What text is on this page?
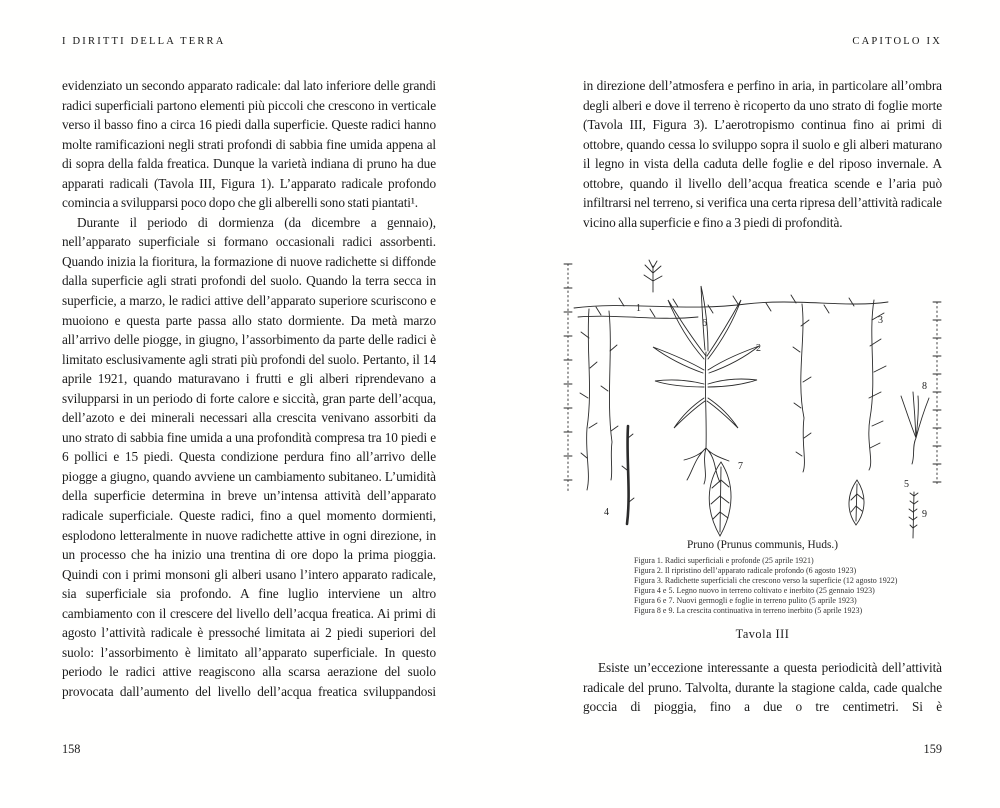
I DIRITTI DELLA TERRA	CAPITOLO IX

evidenziato un secondo apparato radicale: dal lato inferiore delle grandi radici superficiali partono elementi più piccoli che crescono in verticale verso il basso fino a circa 16 piedi dalla superficie. Queste radici hanno molte ramificazioni negli strati profondi di sabbia fine umida appena al di sopra della falda freatica. Dunque la varietà indiana di pruno ha due apparati radicali (Tavola III, Figura 1). L’apparato radicale profondo comincia a svilupparsi poco dopo che gli alberelli sono stati piantati¹.

Durante il periodo di dormienza (da dicembre a gennaio), nell’apparato superficiale si formano occasionali radici assorbenti. Quando inizia la fioritura, la formazione di nuove radichette si diffonde dalla superficie agli strati profondi del suolo. Quando la terra secca in superficie, a marzo, le radici attive dell’apparato superiore scuriscono e muoiono e questa parte passa allo stato dormiente. Da metà marzo all’arrivo delle piogge, in giugno, l’assorbimento da parte delle radici è limitato esclusivamente agli strati più profondi del suolo. Pertanto, il 14 aprile 1921, quando maturavano i frutti e gli alberi riprendevano a svilupparsi in un periodo di forte calore e siccità, gran parte dell’acqua, dell’azoto e dei minerali necessari alla crescita venivano assorbiti da uno strato di sabbia fine umida a una profondità compresa tra 10 piedi e 6 pollici e 15 piedi. Questa condizione perdura fino all’arrivo delle piogge a giugno, quando avviene un cambiamento subitaneo. L’umidità della superficie determina in breve un’intensa attività dell’apparato radicale superficiale. Queste radici, fino a quel momento dormienti, esplodono letteralmente in nuove radichette attive in ogni direzione, in un processo che ha inizio una trentina di ore dopo la prima pioggia. Quindi con i primi monsoni gli alberi usano l’intero apparato radicale, sia superficiale sia profondo. A fine luglio interviene un altro cambiamento con il crescere del livello dell’acqua freatica. Ai primi di agosto l’attività radicale è pressoché limitata ai 2 piedi superiori del suolo: l’assorbimento è limitato all’apparato superficiale. In questo periodo le radici attive reagiscono alla scarsa aerazione del suolo provocata dall’aumento del livello dell’acqua freatica sviluppandosi

in direzione dell’atmosfera e perfino in aria, in particolare all’ombra degli alberi e dove il terreno è ricoperto da uno strato di foglie morte (Tavola III, Figura 3). L’aerotropismo continua fino ai primi di ottobre, quando cessa lo sviluppo sopra il suolo e gli alberi maturano il legno in vista della caduta delle foglie e del riposo invernale. A ottobre, quando il livello dell’acqua freatica scende e l’aria può infiltrarsi nel terreno, si verifica una certa ripresa dell’attività radicale vicino alla superficie e fino a 3 piedi di profondità.

1
2
3
4
5
6
7
8
9
Pruno (Prunus communis, Huds.)
Figura 1. Radici superficiali e profonde (25 aprile 1921)
Figura 2. Il ripristino dell’apparato radicale profondo (6 agosto 1923)
Figura 3. Radichette superficiali che crescono verso la superficie (12 agosto 1922)
Figura 4 e 5. Legno nuovo in terreno coltivato e inerbito (25 gennaio 1923)
Figura 6 e 7. Nuovi germogli e foglie in terreno pulito (5 aprile 1923)
Figura 8 e 9. La crescita continuativa in terreno inerbito (5 aprile 1923)
Tavola III

Esiste un’eccezione interessante a questa periodicità dell’attività radicale del pruno. Talvolta, durante la stagione calda, cade qualche goccia di pioggia, fino a due o tre centimetri. Si è

158	159
